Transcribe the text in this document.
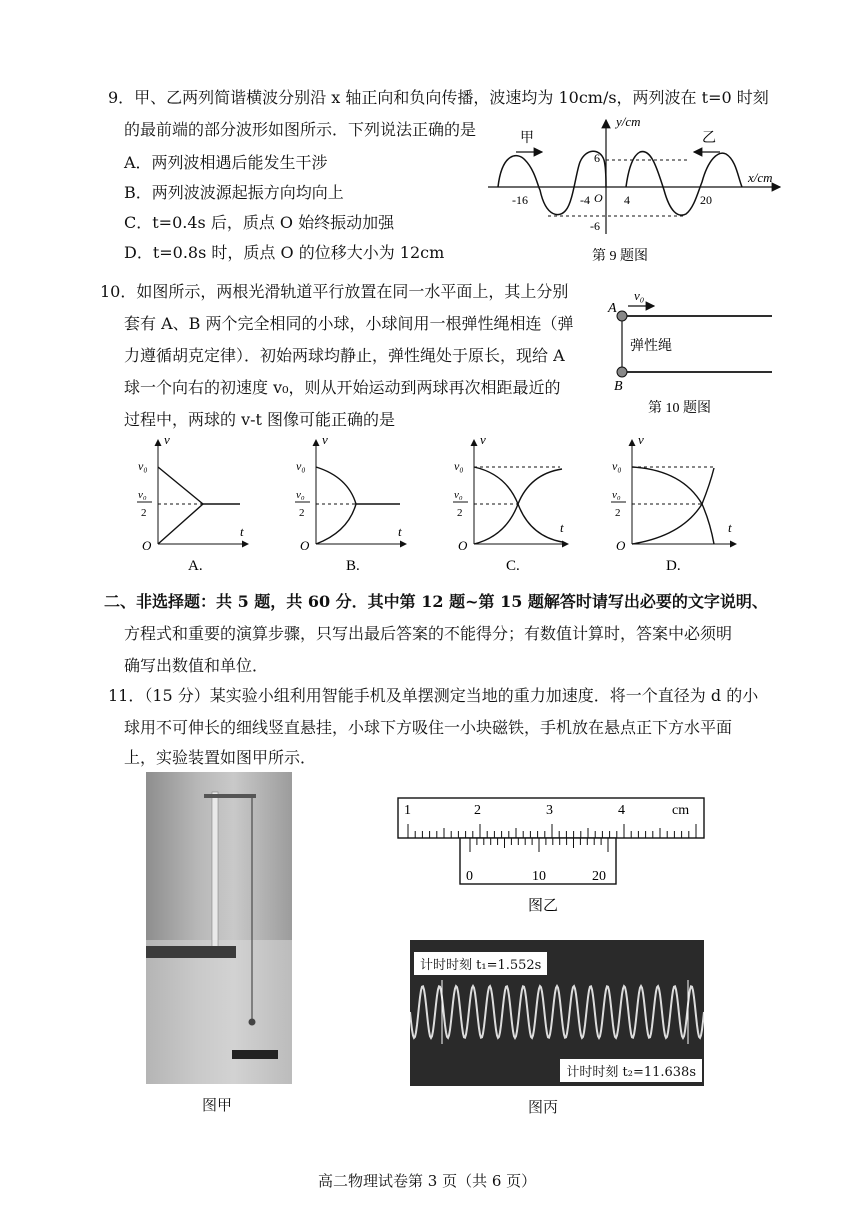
9．甲、乙两列简谐横波分别沿 x 轴正向和负向传播，波速均为 10cm/s，两列波在 t=0 时刻
的最前端的部分波形如图所示．下列说法正确的是
A．两列波相遇后能发生干涉
B．两列波波源起振方向均向上
C．t=0.4s 后，质点 O 始终振动加强
D．t=0.8s 时，质点 O 的位移大小为 12cm
甲	乙
y/cm
x/cm
6
-6
O
-16	-4	4	20
第 9 题图
10．如图所示，两根光滑轨道平行放置在同一水平面上，其上分别
套有 A、B 两个完全相同的小球，小球间用一根弹性绳相连（弹
力遵循胡克定律）．初始两球均静止，弹性绳处于原长，现给 A
球一个向右的初速度 v₀，则从开始运动到两球再次相距最近的
过程中，两球的 v-t 图像可能正确的是
A
B
v₀
弹性绳
第 10 题图
v
t
O
v₀
v₀
2
A.
v
t
O
v₀
v₀
2
B.
v
t
O
v₀
v₀
2
C.
v
t
O
v₀
v₀
2
D.
二、非选择题：共 5 题，共 60 分．其中第 12 题~第 15 题解答时请写出必要的文字说明、
方程式和重要的演算步骤，只写出最后答案的不能得分；有数值计算时，答案中必须明
确写出数值和单位．
11．（15 分）某实验小组利用智能手机及单摆测定当地的重力加速度．将一个直径为 d 的小
球用不可伸长的细线竖直悬挂，小球下方吸住一小块磁铁，手机放在悬点正下方水平面
上，实验装置如图甲所示．
图甲
1	2	3	4	cm
0	10	20
图乙
计时时刻 t₁=1.552s
计时时刻 t₂=11.638s
图丙
高二物理试卷第 3 页（共 6 页）
